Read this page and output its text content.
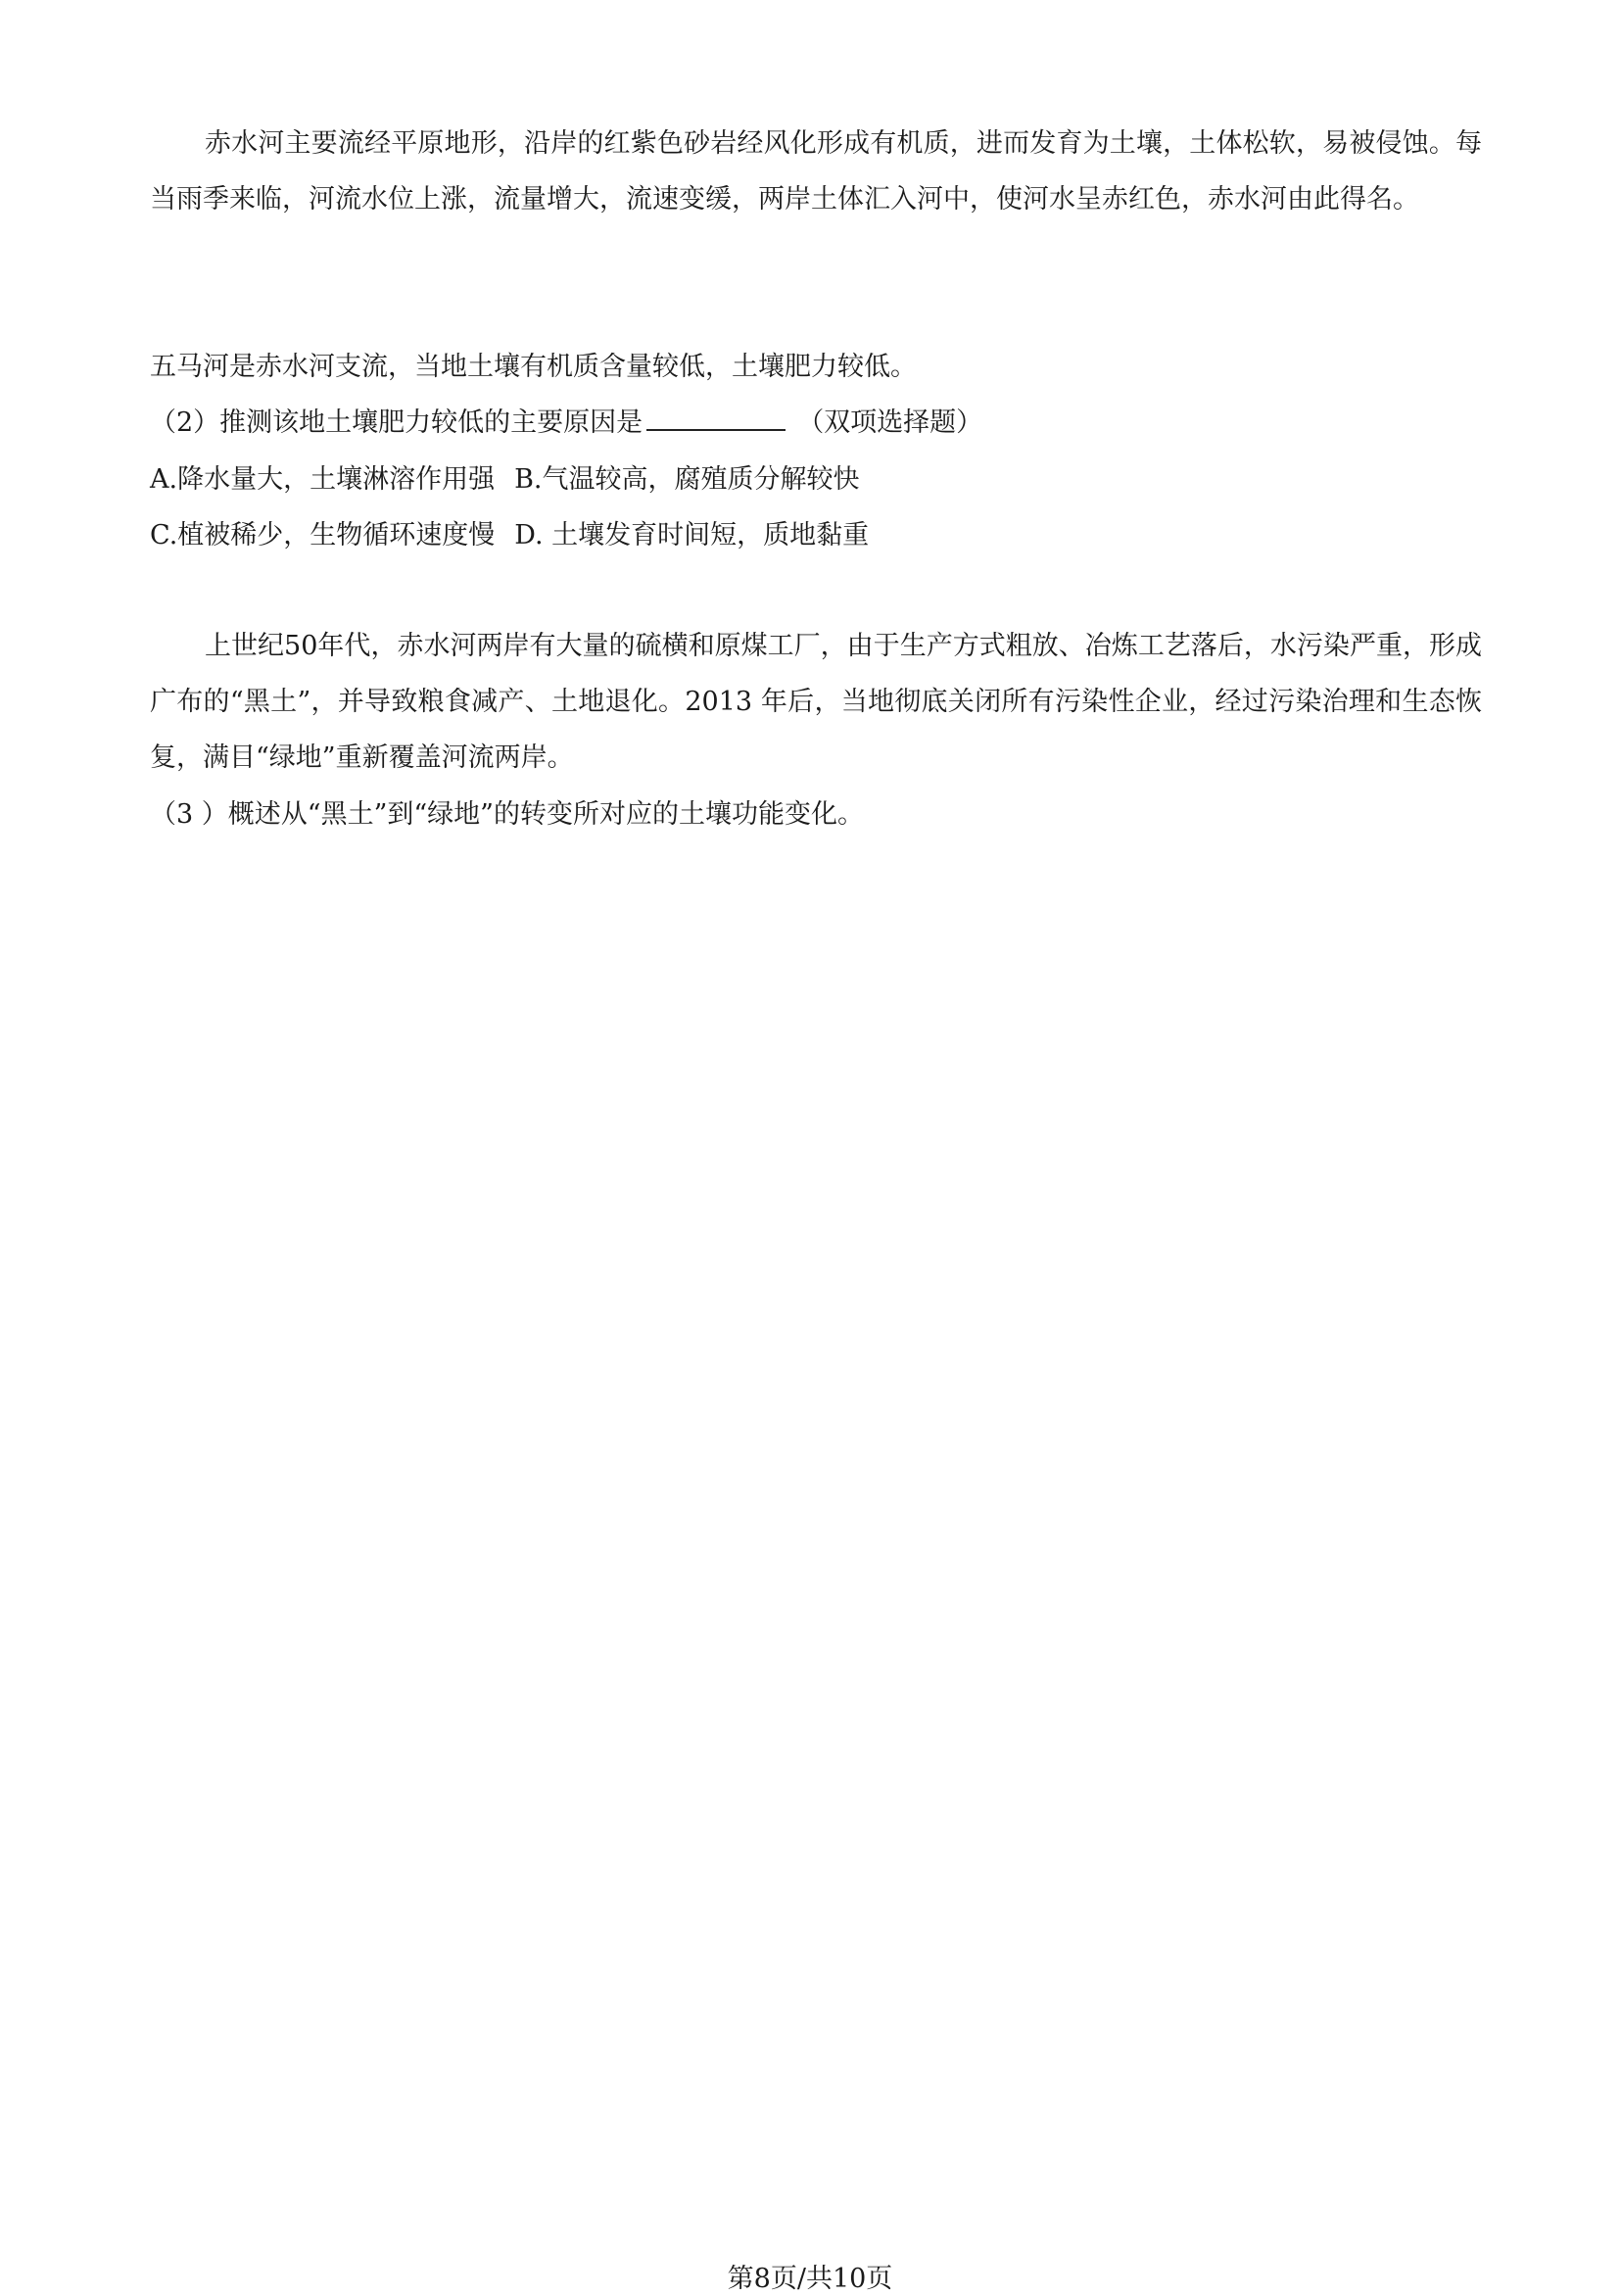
赤水河主要流经平原地形，沿岸的红紫色砂岩经风化形成有机质，进而发育为土壤，土体松软，易被侵蚀。每当雨季来临，河流水位上涨，流量增大，流速变缓，两岸土体汇入河中，使河水呈赤红色，赤水河由此得名。

五马河是赤水河支流，当地土壤有机质含量较低，土壤肥力较低。

（2）推测该地土壤肥力较低的主要原因是	（双项选择题）
A.降水量大，土壤淋溶作用强 B.气温较高，腐殖质分解较快
C.植被稀少，生物循环速度慢 D. 土壤发育时间短，质地黏重

上世纪50年代，赤水河两岸有大量的硫横和原煤工厂，由于生产方式粗放、冶炼工艺落后，水污染严重，形成广布的“黑土”，并导致粮食减产、土地退化。2013 年后，当地彻底关闭所有污染性企业，经过污染治理和生态恢复，满目“绿地”重新覆盖河流两岸。

（3 ）概述从“黑土”到“绿地”的转变所对应的土壤功能变化。

第8页/共10页
